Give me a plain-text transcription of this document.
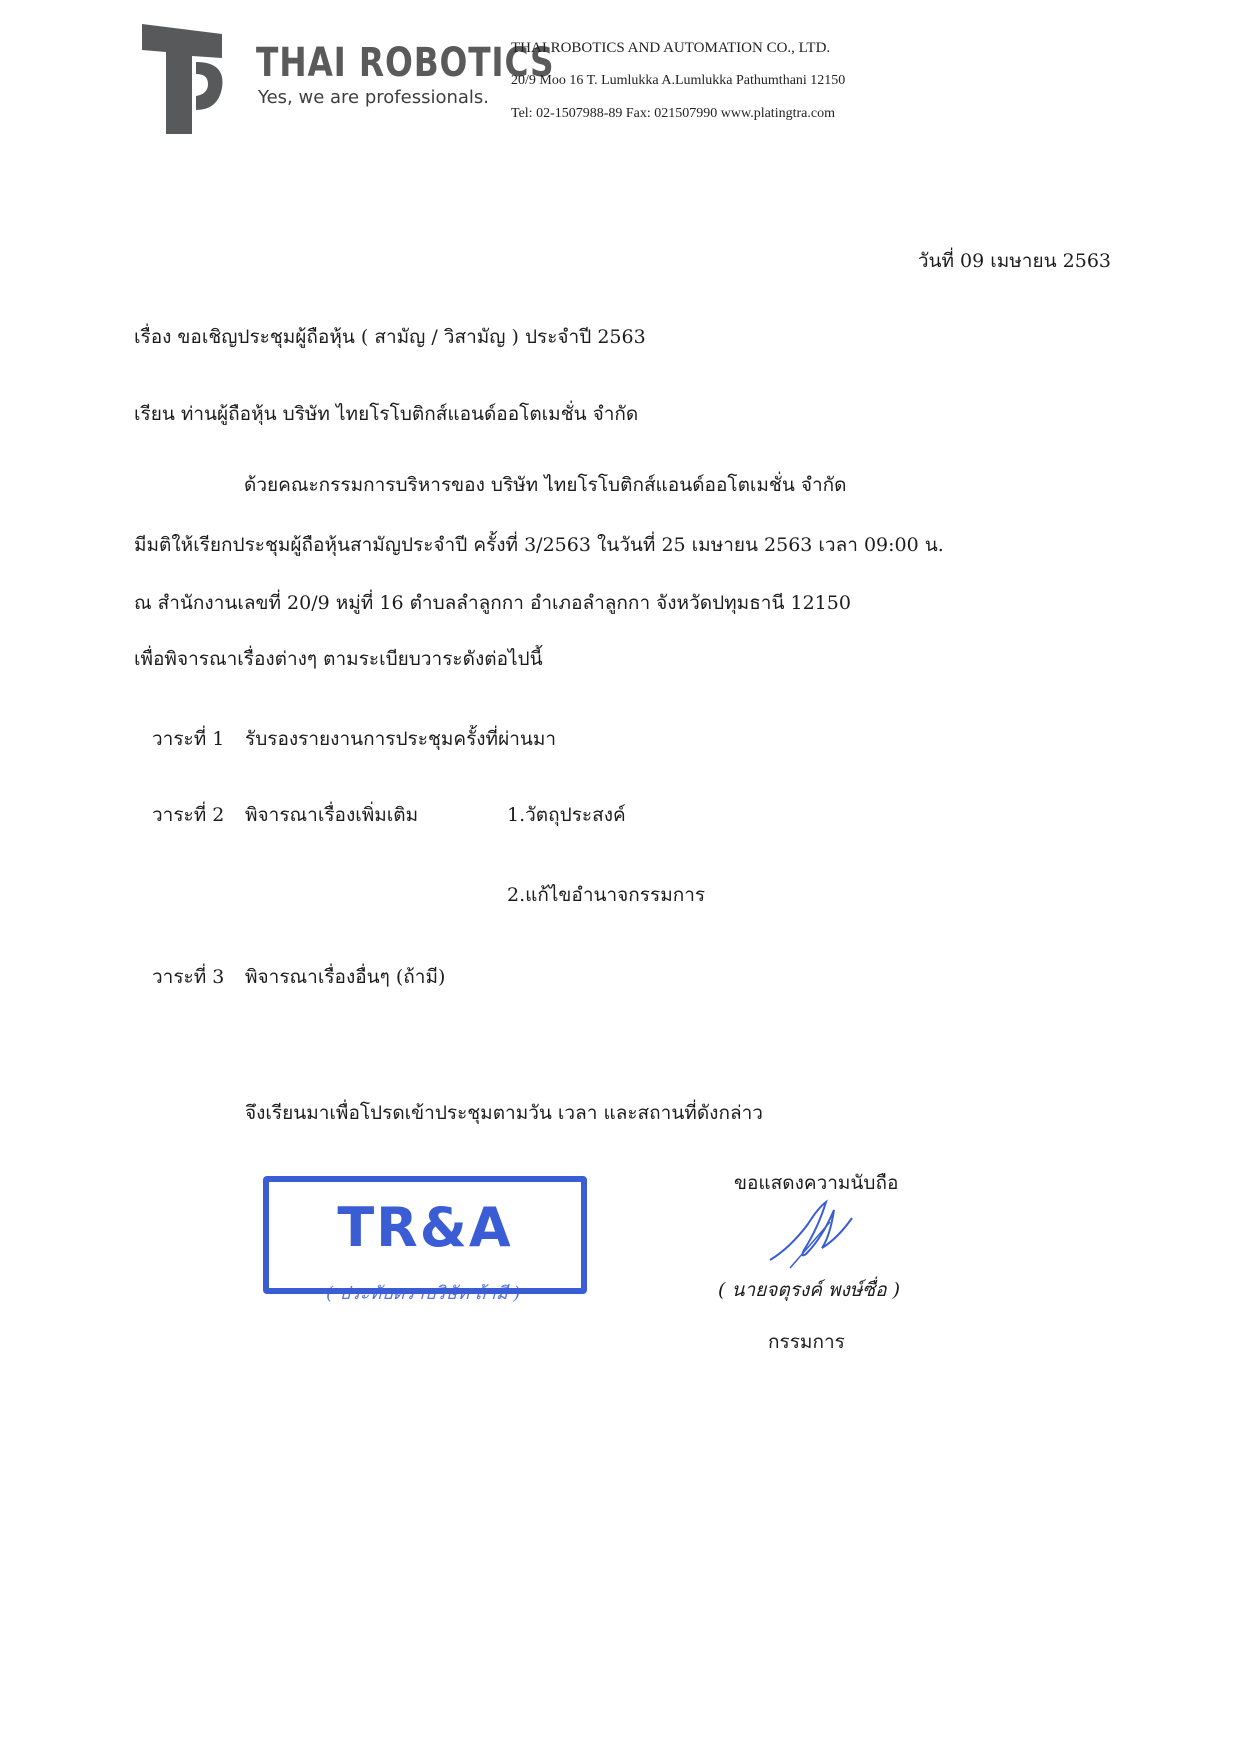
THAI ROBOTICS
Yes, we are professionals.
THAI ROBOTICS AND AUTOMATION CO., LTD.
20/9 Moo 16 T. Lumlukka A.Lumlukka Pathumthani 12150
Tel: 02-1507988-89 Fax: 021507990 www.platingtra.com
วันที่ 09 เมษายน 2563
เรื่อง ขอเชิญประชุมผู้ถือหุ้น ( สามัญ / วิสามัญ ) ประจำปี 2563
เรียน ท่านผู้ถือหุ้น บริษัท ไทยโรโบติกส์แอนด์ออโตเมชั่น จำกัด
ด้วยคณะกรรมการบริหารของ บริษัท ไทยโรโบติกส์แอนด์ออโตเมชั่น จำกัด
มีมติให้เรียกประชุมผู้ถือหุ้นสามัญประจำปี ครั้งที่ 3/2563 ในวันที่ 25 เมษายน 2563 เวลา 09:00 น.
ณ สำนักงานเลขที่ 20/9 หมู่ที่ 16 ตำบลลำลูกกา อำเภอลำลูกกา จังหวัดปทุมธานี 12150
เพื่อพิจารณาเรื่องต่างๆ ตามระเบียบวาระดังต่อไปนี้
วาระที่ 1 รับรองรายงานการประชุมครั้งที่ผ่านมา
วาระที่ 2 พิจารณาเรื่องเพิ่มเติม	1.วัตถุประสงค์
2.แก้ไขอำนาจกรรมการ
วาระที่ 3 พิจารณาเรื่องอื่นๆ (ถ้ามี)
จึงเรียนมาเพื่อโปรดเข้าประชุมตามวัน เวลา และสถานที่ดังกล่าว
ขอแสดงความนับถือ
TR&A
( ประทับตราบริษัท ถ้ามี )	( นายจตุรงค์ พงษ์ซื่อ )
กรรมการ
